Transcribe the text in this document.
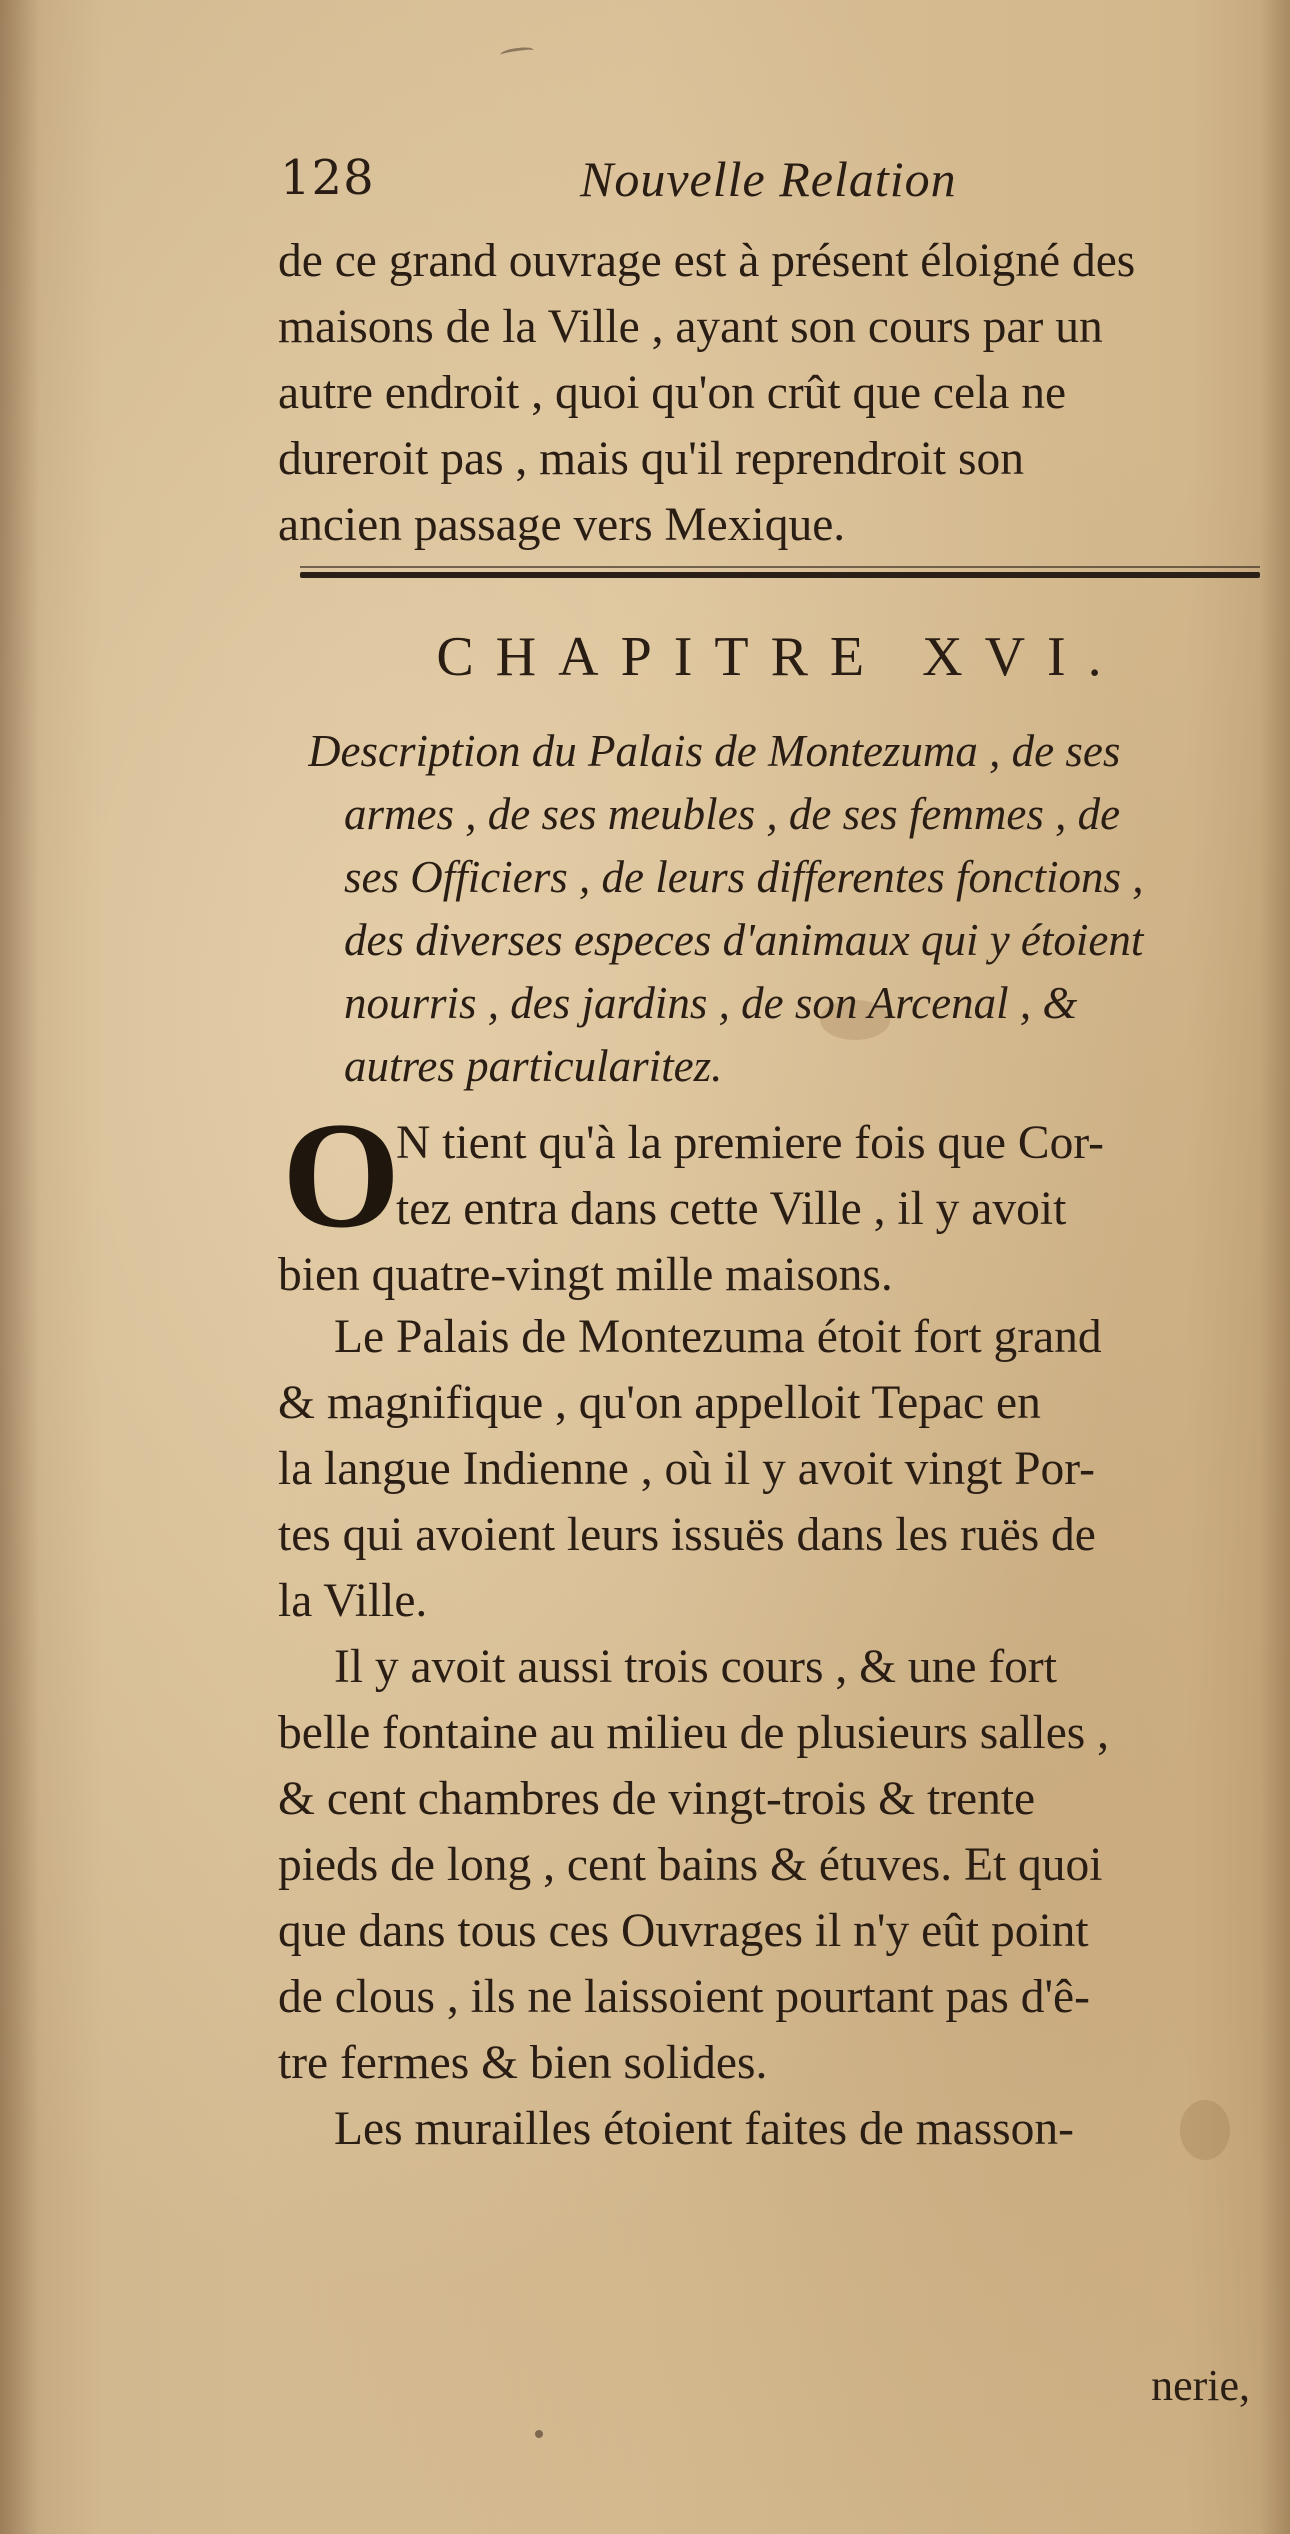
128	Nouvelle Relation
de ce grand ouvrage est à présent éloigné des
maisons de la Ville , ayant son cours par un
autre endroit , quoi qu'on crût que cela ne
dureroit pas , mais qu'il reprendroit son
ancien passage vers Mexique.
CHAPITRE XVI.
Description du Palais de Montezuma , de ses
armes , de ses meubles , de ses femmes , de
ses Officiers , de leurs differentes fonctions ,
des diverses especes d'animaux qui y étoient
nourris , des jardins , de son Arcenal , &
autres particularitez.
O
N tient qu'à la premiere fois que Cor-
tez entra dans cette Ville , il y avoit
bien quatre-vingt mille maisons.
Le Palais de Montezuma étoit fort grand
& magnifique , qu'on appelloit Tepac en
la langue Indienne , où il y avoit vingt Por-
tes qui avoient leurs issuës dans les ruës de
la Ville.
Il y avoit aussi trois cours , & une fort
belle fontaine au milieu de plusieurs salles ,
& cent chambres de vingt-trois & trente
pieds de long , cent bains & étuves. Et quoi
que dans tous ces Ouvrages il n'y eût point
de clous , ils ne laissoient pourtant pas d'ê-
tre fermes & bien solides.
Les murailles étoient faites de masson-
nerie,
